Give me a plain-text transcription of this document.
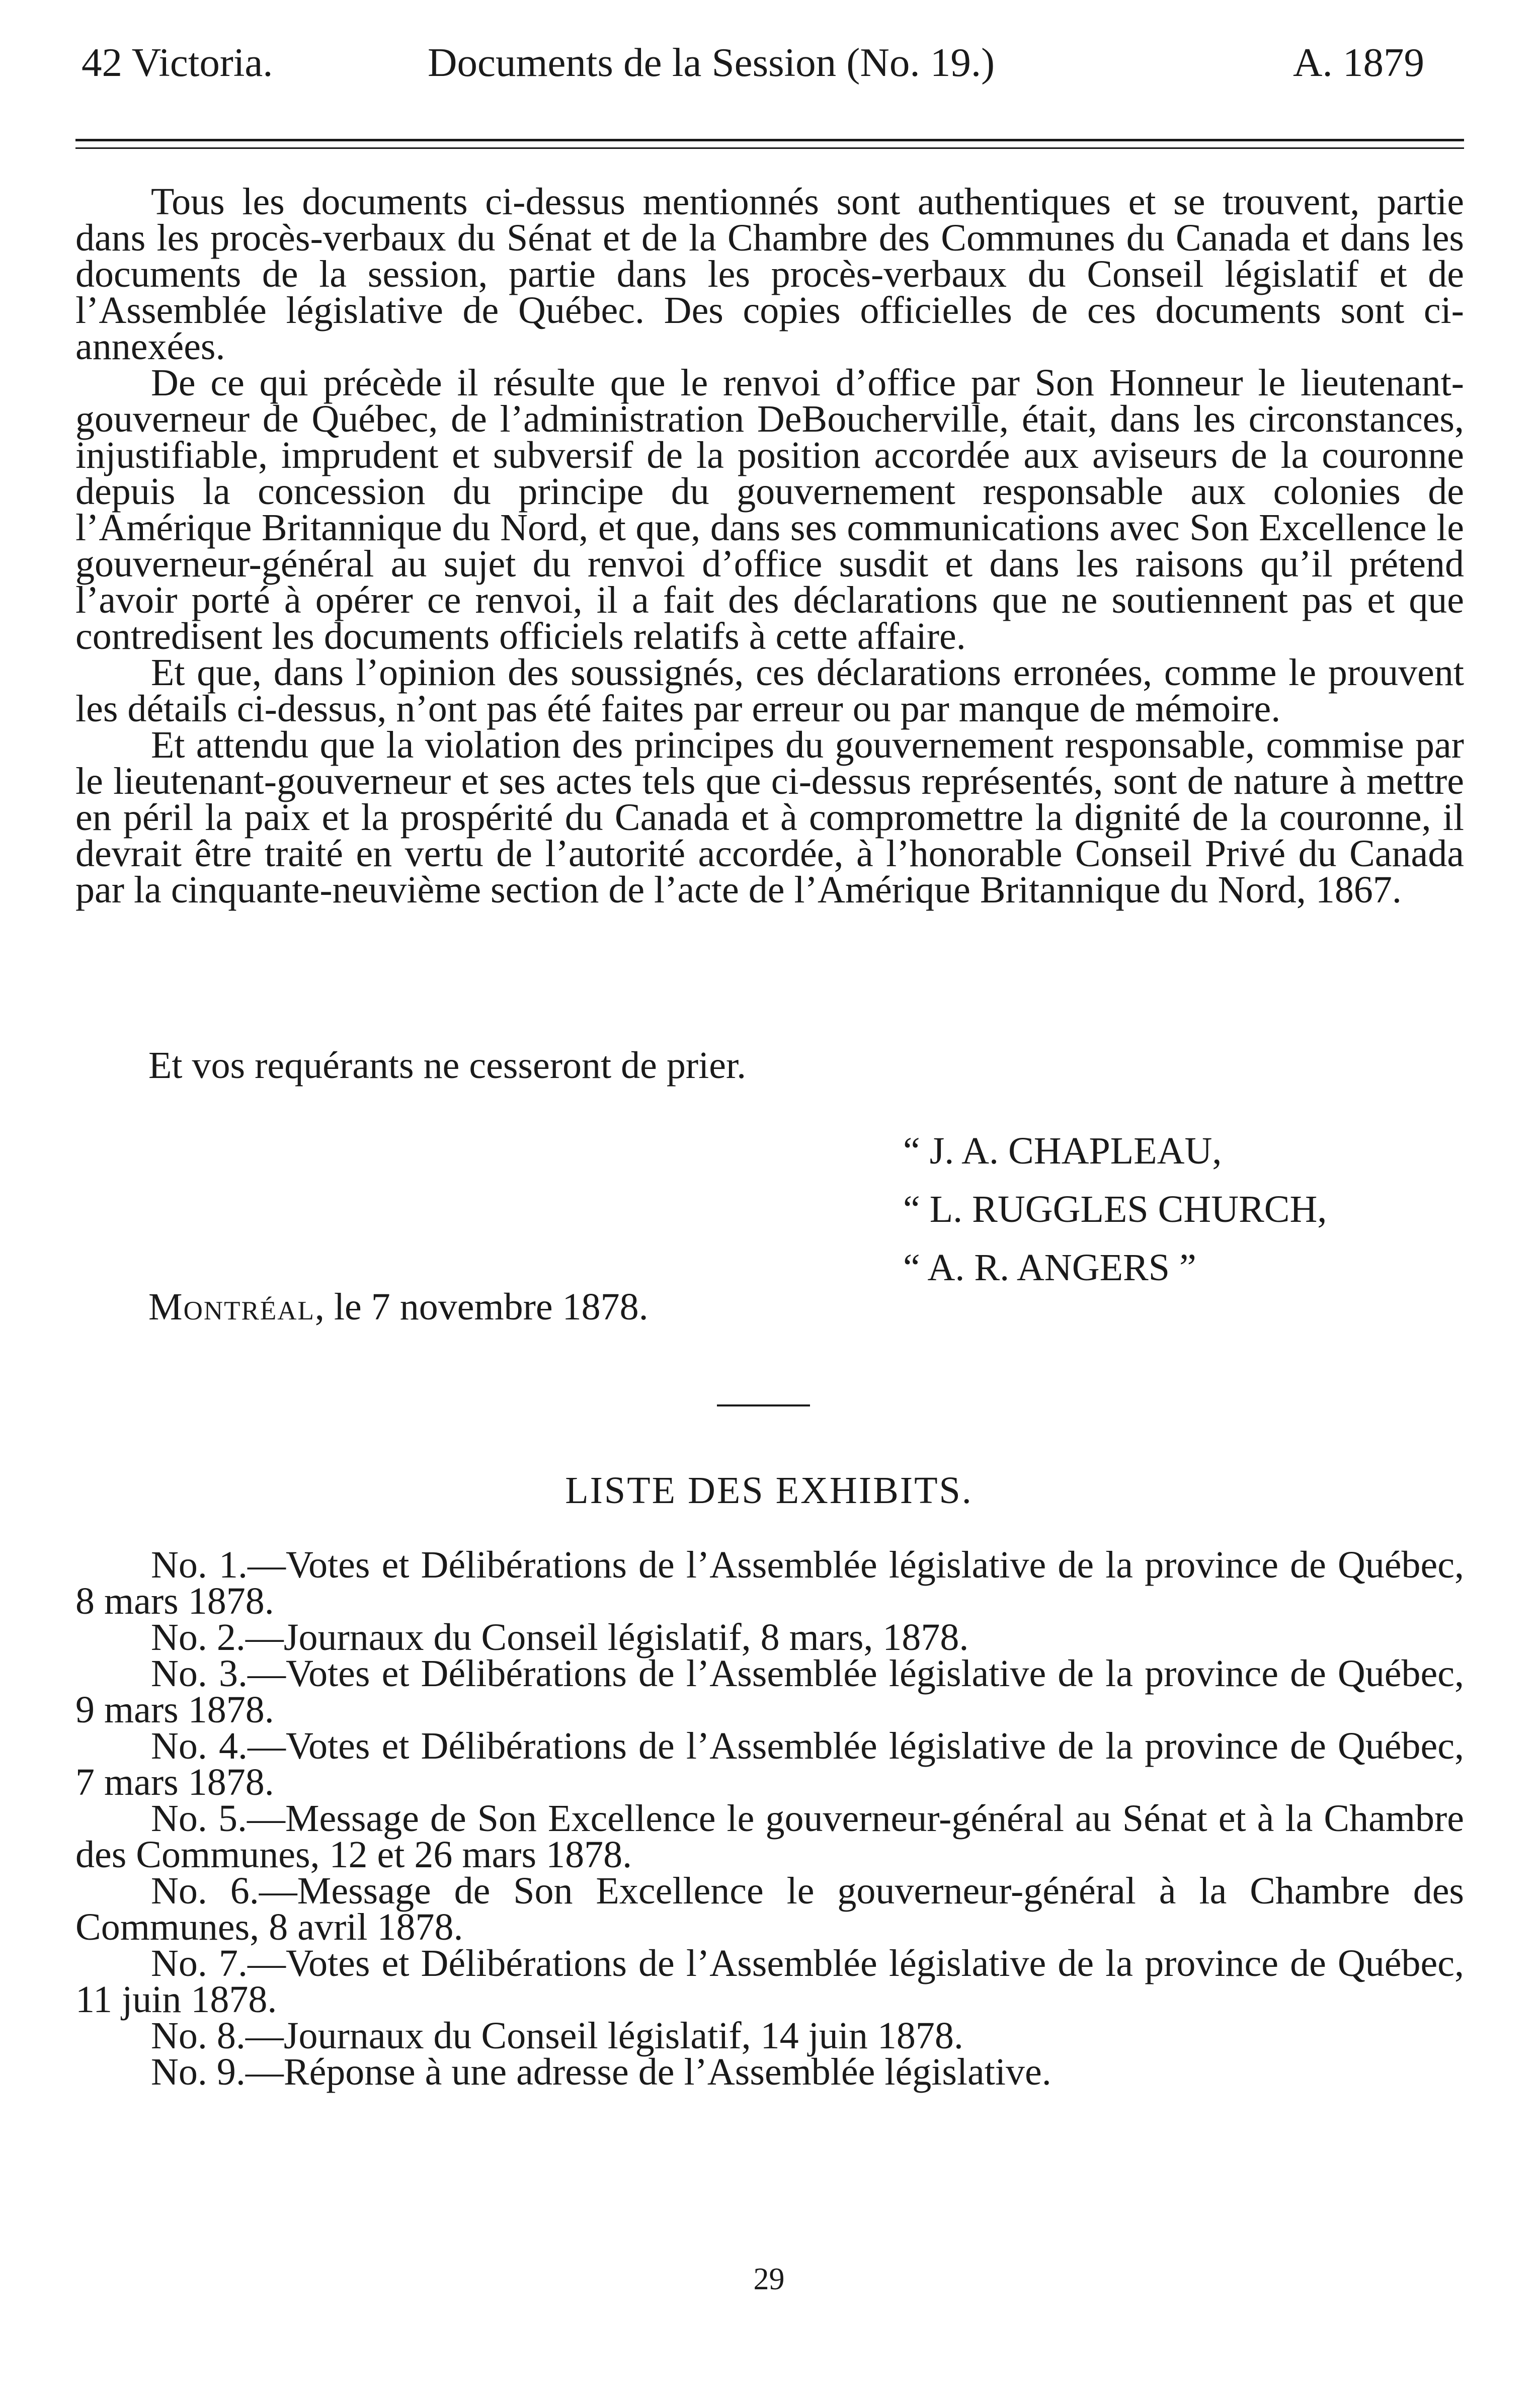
42 Victoria.	Documents de la Session (No. 19.)	A. 1879

Tous les documents ci-dessus mentionnés sont authentiques et se trouvent, partie dans les procès-verbaux du Sénat et de la Chambre des Communes du Canada et dans les documents de la session, partie dans les procès-verbaux du Conseil législatif et de l’Assemblée législative de Québec. Des copies officielles de ces documents sont ci-annexées.

De ce qui précède il résulte que le renvoi d’office par Son Honneur le lieutenant-gouverneur de Québec, de l’administration DeBoucherville, était, dans les circonstances, injustifiable, imprudent et subversif de la position accordée aux aviseurs de la couronne depuis la concession du principe du gouvernement responsable aux colonies de l’Amérique Britannique du Nord, et que, dans ses communications avec Son Excellence le gouverneur-général au sujet du renvoi d’office susdit et dans les raisons qu’il prétend l’avoir porté à opérer ce renvoi, il a fait des déclarations que ne soutiennent pas et que contredisent les documents officiels relatifs à cette affaire.

Et que, dans l’opinion des soussignés, ces déclarations erronées, comme le prouvent les détails ci-dessus, n’ont pas été faites par erreur ou par manque de mémoire.

Et attendu que la violation des principes du gouvernement responsable, commise par le lieutenant-gouverneur et ses actes tels que ci-dessus représentés, sont de nature à mettre en péril la paix et la prospérité du Canada et à compromettre la dignité de la couronne, il devrait être traité en vertu de l’autorité accordée, à l’honorable Conseil Privé du Canada par la cinquante-neuvième section de l’acte de l’Amérique Britannique du Nord, 1867.

Et vos requérants ne cesseront de prier.
“ J. A. CHAPLEAU,
“ L. RUGGLES CHURCH,
“ A. R. ANGERS ”
Montréal, le 7 novembre 1878.
LISTE DES EXHIBITS.

No. 1.—Votes et Délibérations de l’Assemblée législative de la province de Québec, 8 mars 1878.

No. 2.—Journaux du Conseil législatif, 8 mars, 1878.

No. 3.—Votes et Délibérations de l’Assemblée législative de la province de Québec, 9 mars 1878.

No. 4.—Votes et Délibérations de l’Assemblée législative de la province de Québec, 7 mars 1878.

No. 5.—Message de Son Excellence le gouverneur-général au Sénat et à la Chambre des Communes, 12 et 26 mars 1878.

No. 6.—Message de Son Excellence le gouverneur-général à la Chambre des Communes, 8 avril 1878.

No. 7.—Votes et Délibérations de l’Assemblée législative de la province de Québec, 11 juin 1878.

No. 8.—Journaux du Conseil législatif, 14 juin 1878.

No. 9.—Réponse à une adresse de l’Assemblée législative.

29
